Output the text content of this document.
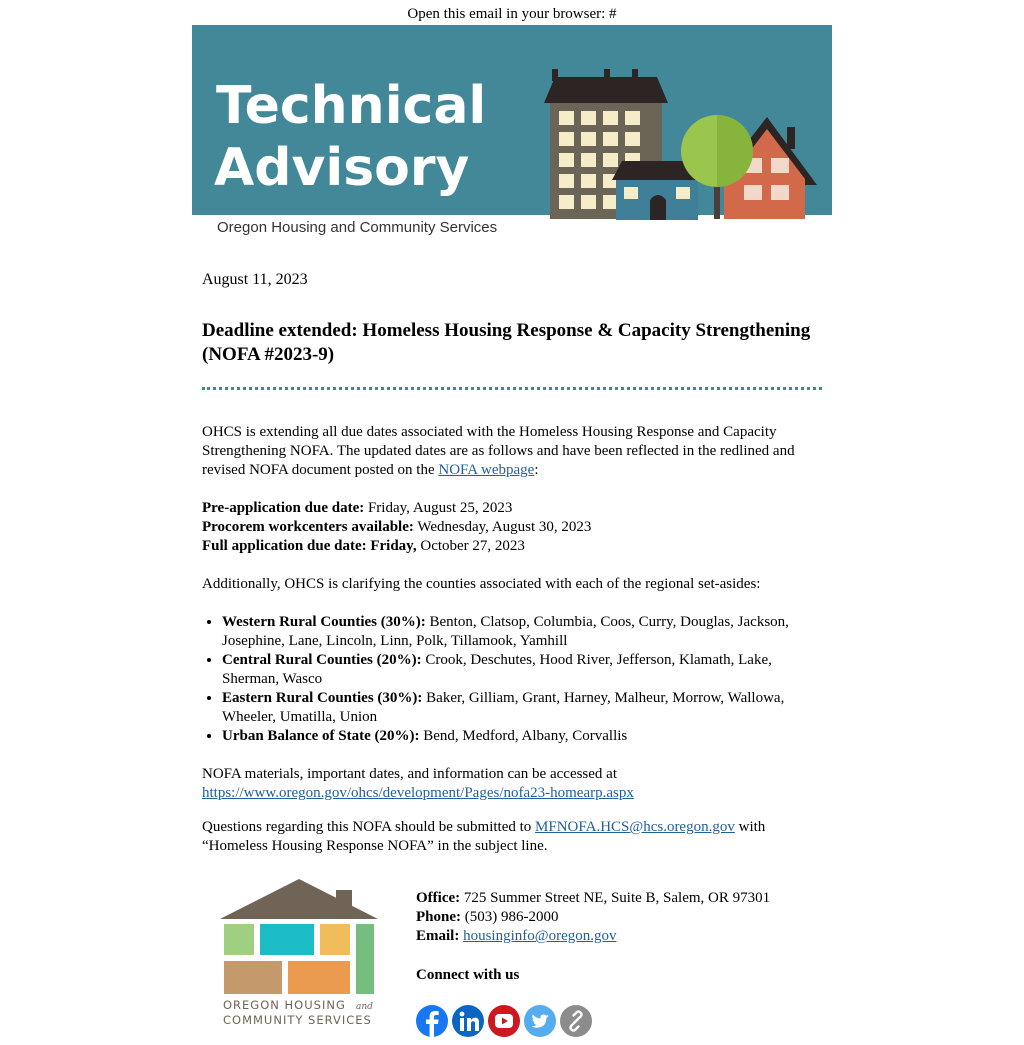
Open this email in your browser: #
Technical
Advisory
Oregon Housing and Community Services

August 11, 2023

Deadline extended: Homeless Housing Response & Capacity Strengthening (NOFA #2023-9)

OHCS is extending all due dates associated with the Homeless Housing Response and Capacity Strengthening NOFA. The updated dates are as follows and have been reflected in the redlined and revised NOFA document posted on the NOFA webpage:

Pre-application due date: Friday, August 25, 2023
Procorem workcenters available: Wednesday, August 30, 2023
Full application due date: Friday, October 27, 2023

Additionally, OHCS is clarifying the counties associated with each of the regional set-asides:

• Western Rural Counties (30%): Benton, Clatsop, Columbia, Coos, Curry, Douglas, Jackson, Josephine, Lane, Lincoln, Linn, Polk, Tillamook, Yamhill
• Central Rural Counties (20%): Crook, Deschutes, Hood River, Jefferson, Klamath, Lake, Sherman, Wasco
• Eastern Rural Counties (30%): Baker, Gilliam, Grant, Harney, Malheur, Morrow, Wallowa, Wheeler, Umatilla, Union
• Urban Balance of State (20%): Bend, Medford, Albany, Corvallis

NOFA materials, important dates, and information can be accessed at
https://www.oregon.gov/ohcs/development/Pages/nofa23-homearp.aspx

Questions regarding this NOFA should be submitted to MFNOFA.HCS@hcs.oregon.gov with “Homeless Housing Response NOFA” in the subject line.

OREGON HOUSING and
COMMUNITY SERVICES
Office: 725 Summer Street NE, Suite B, Salem, OR 97301
Phone: (503) 986-2000
Email: housinginfo@oregon.gov
Connect with us
